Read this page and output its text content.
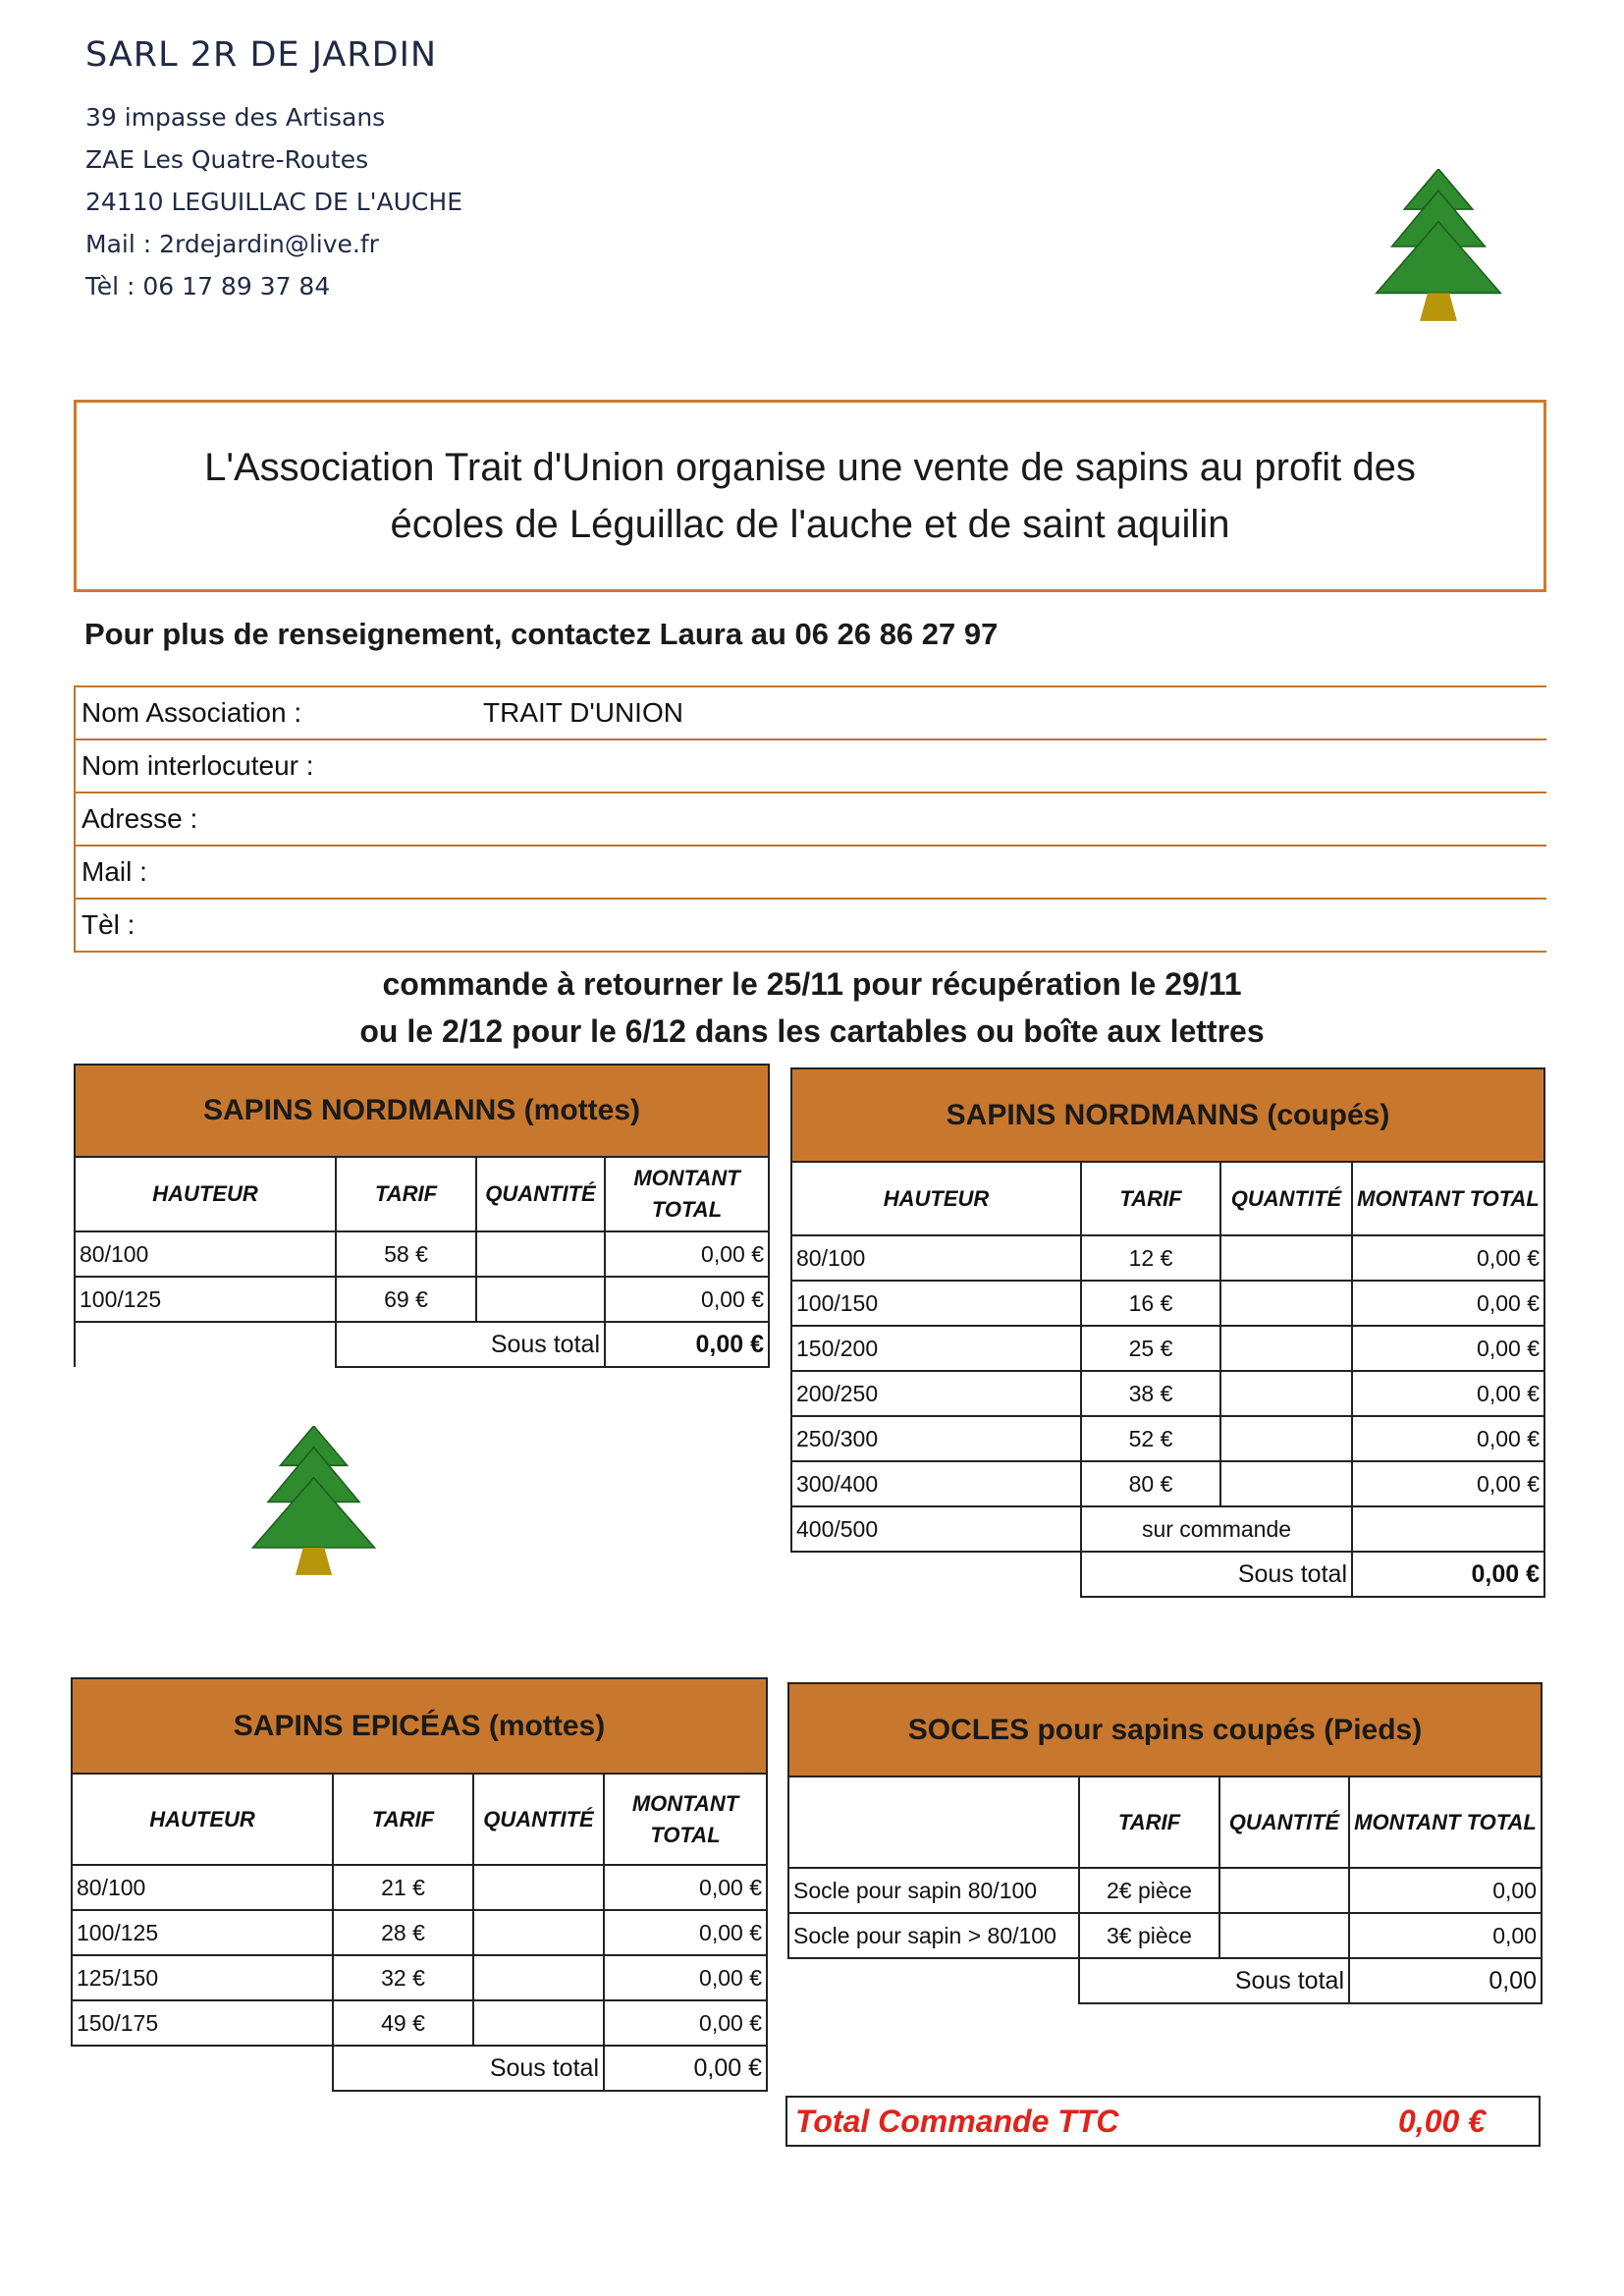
SARL 2R DE JARDIN
39 impasse des Artisans
ZAE Les Quatre-Routes
24110 LEGUILLAC DE L'AUCHE
Mail : 2rdejardin@live.fr
Tèl : 06 17 89 37 84
L'Association Trait d'Union organise une vente de sapins au profit des
écoles de Léguillac de l'auche et de saint aquilin
Pour plus de renseignement, contactez Laura au 06 26 86 27 97
Nom Association :	TRAIT D'UNION
Nom interlocuteur :
Adresse :
Mail :
Tèl :
commande à retourner le 25/11 pour récupération le 29/11
ou le 2/12 pour le 6/12 dans les cartables ou boîte aux lettres
SAPINS NORDMANNS (mottes)			
HAUTEUR	TARIF	QUANTITÉ	MONTANT TOTAL
80/100	58 €		0,00 €
100/125	69 €		0,00 €
	Sous total		0,00 €
SAPINS NORDMANNS (coupés)			
HAUTEUR	TARIF	QUANTITÉ	MONTANT TOTAL
80/100	12 €		0,00 €
100/150	16 €		0,00 €
150/200	25 €		0,00 €
200/250	38 €		0,00 €
250/300	52 €		0,00 €
300/400	80 €		0,00 €
400/500	sur commande		
	Sous total		0,00 €
SAPINS EPICÉAS (mottes)			
HAUTEUR	TARIF	QUANTITÉ	MONTANT TOTAL
80/100	21 €		0,00 €
100/125	28 €		0,00 €
125/150	32 €		0,00 €
150/175	49 €		0,00 €
	Sous total		0,00 €
SOCLES pour sapins coupés (Pieds)			
	TARIF	QUANTITÉ	MONTANT TOTAL
Socle pour sapin 80/100	2€ pièce		0,00
Socle pour sapin > 80/100	3€ pièce		0,00
	Sous total		0,00
Total Commande TTC	0,00 €
